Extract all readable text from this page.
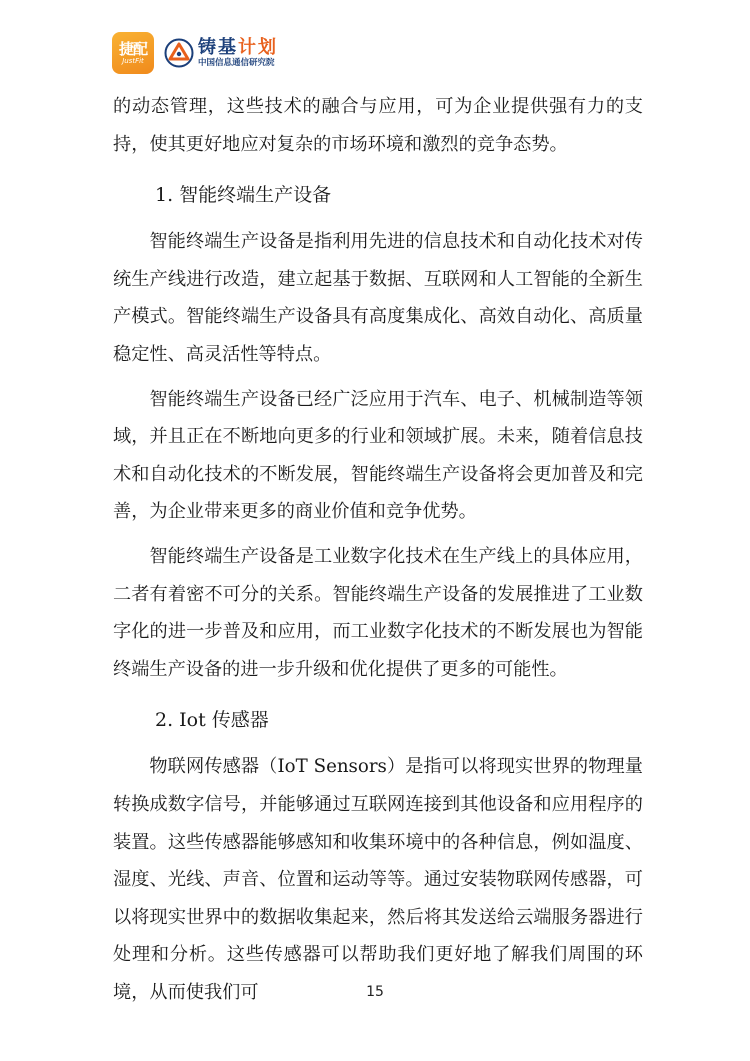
捷配
JustFit
铸基计划
中国信息通信研究院

的动态管理，这些技术的融合与应用，可为企业提供强有力的支持，使其更好地应对复杂的市场环境和激烈的竞争态势。

1. 智能终端生产设备

智能终端生产设备是指利用先进的信息技术和自动化技术对传统生产线进行改造，建立起基于数据、互联网和人工智能的全新生产模式。智能终端生产设备具有高度集成化、高效自动化、高质量稳定性、高灵活性等特点。

智能终端生产设备已经广泛应用于汽车、电子、机械制造等领域，并且正在不断地向更多的行业和领域扩展。未来，随着信息技术和自动化技术的不断发展，智能终端生产设备将会更加普及和完善，为企业带来更多的商业价值和竞争优势。

智能终端生产设备是工业数字化技术在生产线上的具体应用，二者有着密不可分的关系。智能终端生产设备的发展推进了工业数字化的进一步普及和应用，而工业数字化技术的不断发展也为智能终端生产设备的进一步升级和优化提供了更多的可能性。

2. Iot 传感器

物联网传感器（IoT Sensors）是指可以将现实世界的物理量转换成数字信号，并能够通过互联网连接到其他设备和应用程序的装置。这些传感器能够感知和收集环境中的各种信息，例如温度、湿度、光线、声音、位置和运动等等。通过安装物联网传感器，可以将现实世界中的数据收集起来，然后将其发送给云端服务器进行处理和分析。这些传感器可以帮助我们更好地了解我们周围的环境，从而使我们可	15
